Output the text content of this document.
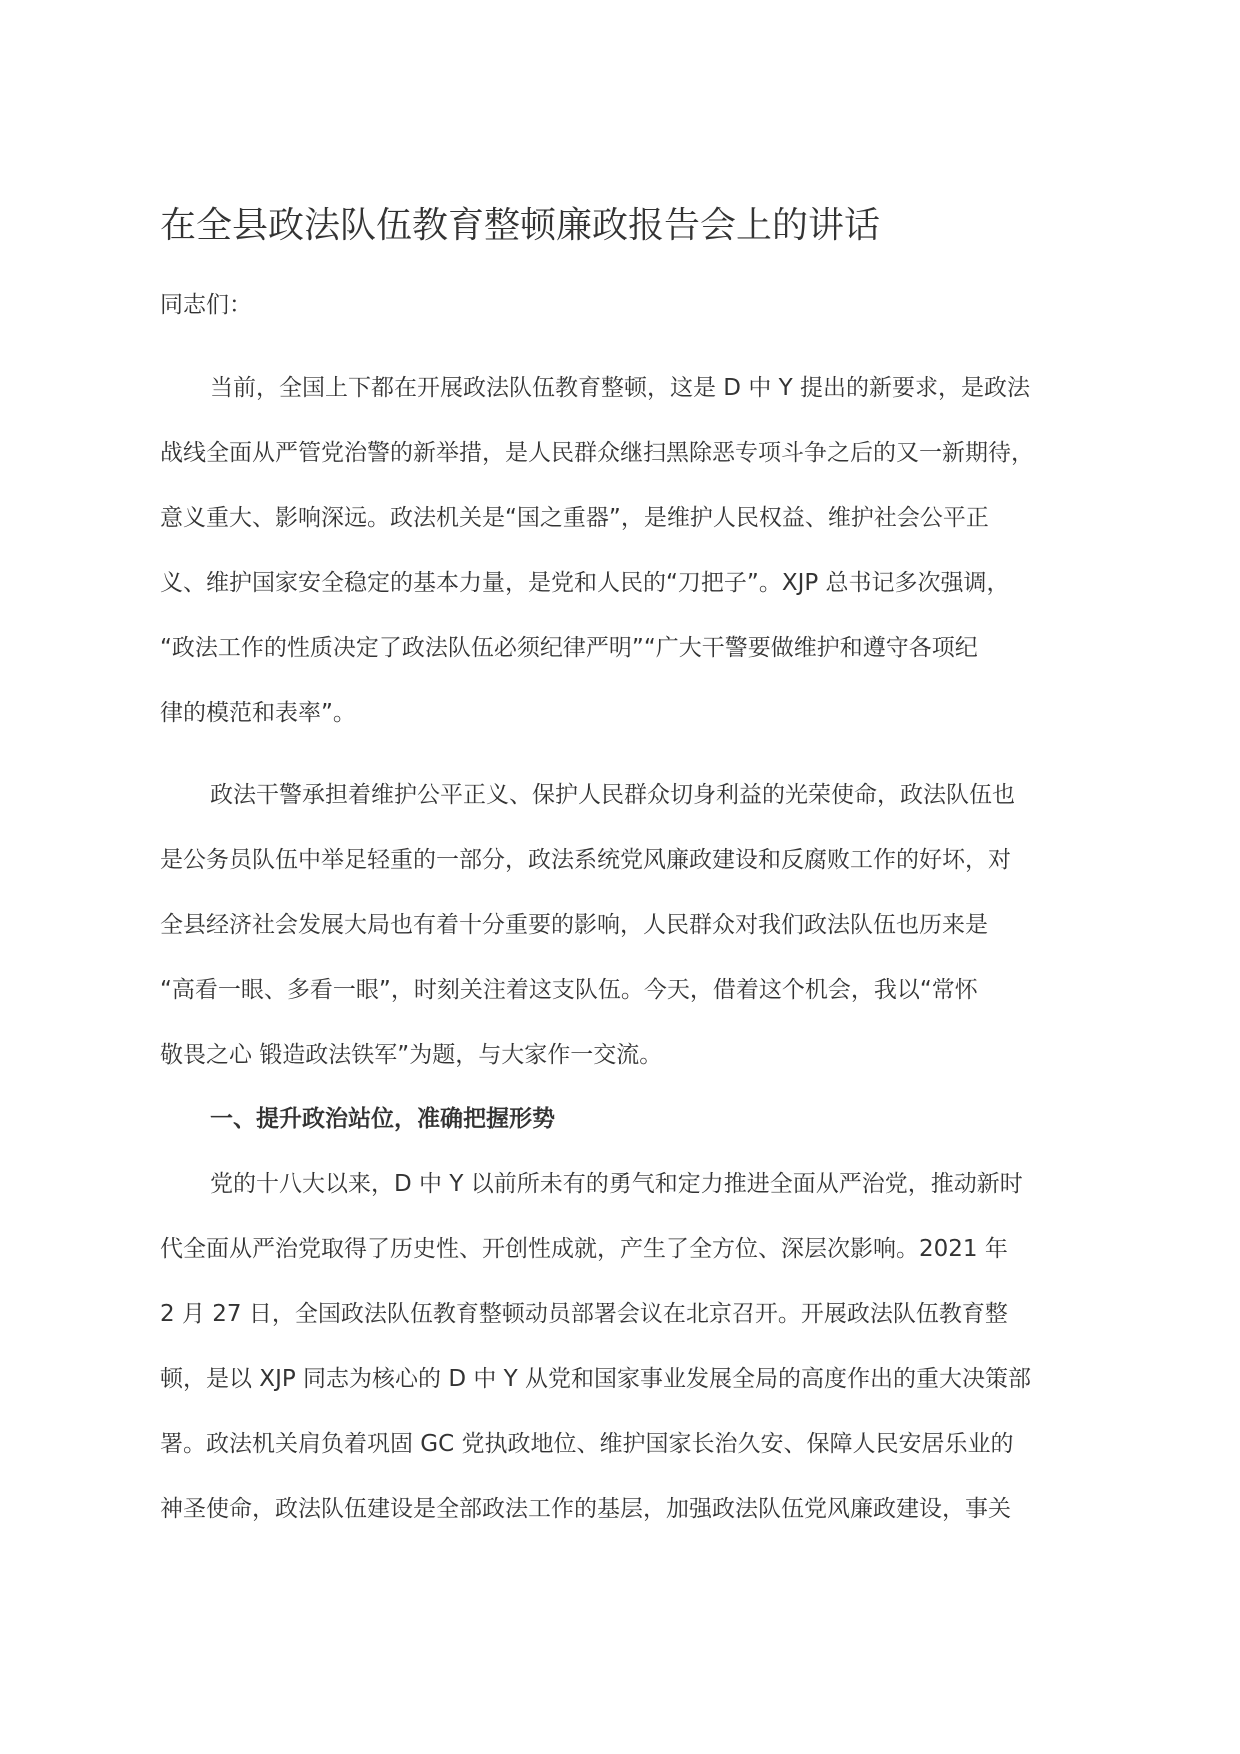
在全县政法队伍教育整顿廉政报告会上的讲话

同志们：

当前，全国上下都在开展政法队伍教育整顿，这是 D 中 Y 提出的新要求，是政法
战线全面从严管党治警的新举措，是人民群众继扫黑除恶专项斗争之后的又一新期待，
意义重大、影响深远。政法机关是“国之重器”，是维护人民权益、维护社会公平正
义、维护国家安全稳定的基本力量，是党和人民的“刀把子”。XJP 总书记多次强调，
“政法工作的性质决定了政法队伍必须纪律严明”“广大干警要做维护和遵守各项纪
律的模范和表率”。
政法干警承担着维护公平正义、保护人民群众切身利益的光荣使命，政法队伍也
是公务员队伍中举足轻重的一部分，政法系统党风廉政建设和反腐败工作的好坏，对
全县经济社会发展大局也有着十分重要的影响，人民群众对我们政法队伍也历来是
“高看一眼、多看一眼”，时刻关注着这支队伍。今天，借着这个机会，我以“常怀
敬畏之心 锻造政法铁军”为题，与大家作一交流。
一、提升政治站位，准确把握形势
党的十八大以来，D 中 Y 以前所未有的勇气和定力推进全面从严治党，推动新时
代全面从严治党取得了历史性、开创性成就，产生了全方位、深层次影响。2021 年
2 月 27 日，全国政法队伍教育整顿动员部署会议在北京召开。开展政法队伍教育整
顿，是以 XJP 同志为核心的 D 中 Y 从党和国家事业发展全局的高度作出的重大决策部
署。政法机关肩负着巩固 GC 党执政地位、维护国家长治久安、保障人民安居乐业的
神圣使命，政法队伍建设是全部政法工作的基层，加强政法队伍党风廉政建设，事关
